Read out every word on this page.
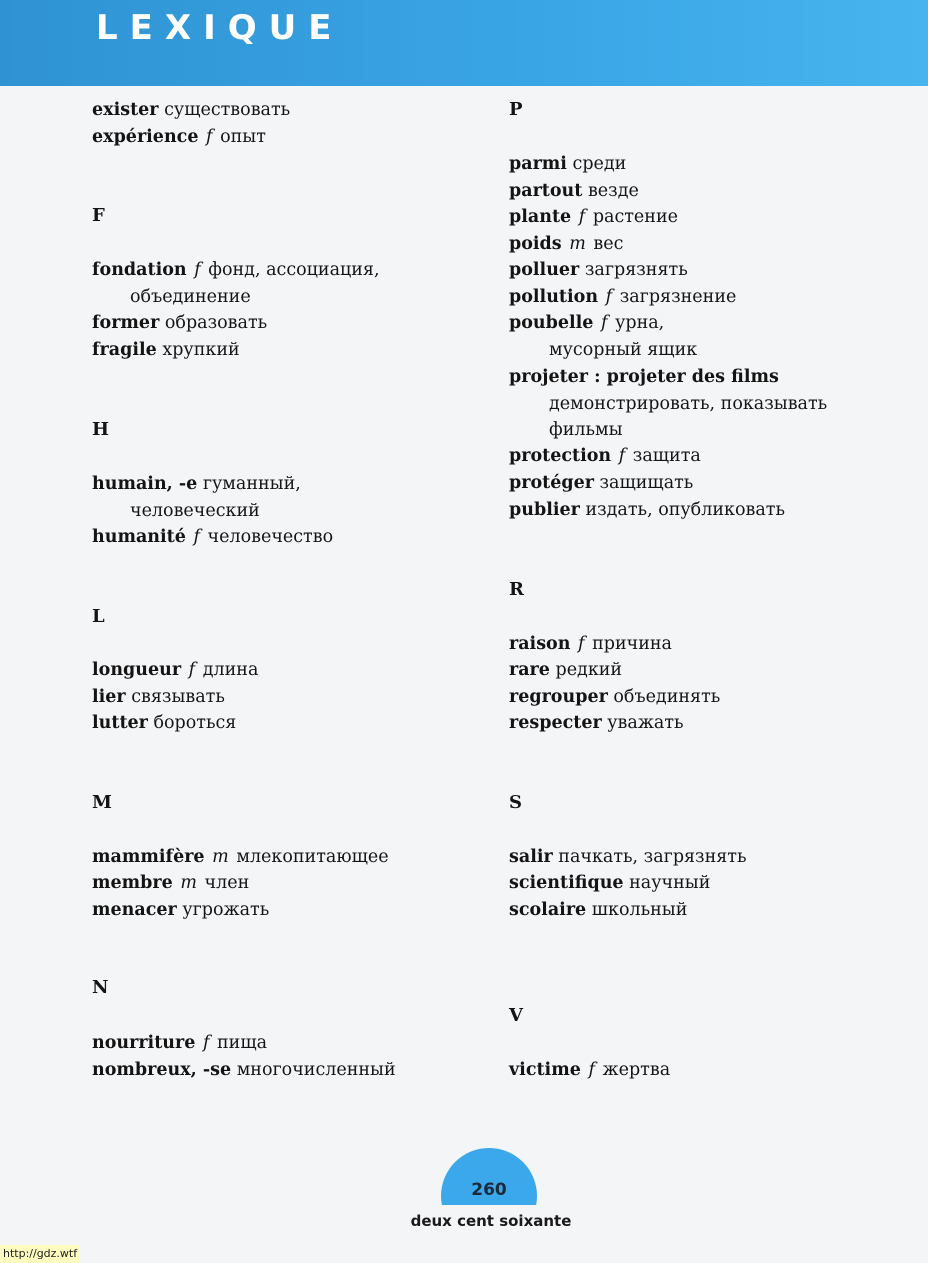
LEXIQUE
exister существовать
expérience f опыт
F
fondation f фонд, ассоциация,
объединение
former образовать
fragile хрупкий
H
humain, -e гуманный,
человеческий
humanité f человечество
L
longueur f длина
lier связывать
lutter бороться
M
mammifère m млекопитающее
membre m член
menacer угрожать
N
nourriture f пища
nombreux, -se многочисленный
P
parmi среди
partout везде
plante f растение
poids m вес
polluer загрязнять
pollution f загрязнение
poubelle f урна,
мусорный ящик
projeter : projeter des films
демонстрировать, показывать
фильмы
protection f защита
protéger защищать
publier издать, опубликовать
R
raison f причина
rare редкий
regrouper объединять
respecter уважать
S
salir пачкать, загрязнять
scientifique научный
scolaire школьный
V
victime f жертва
260
deux cent soixante
http://gdz.wtf
